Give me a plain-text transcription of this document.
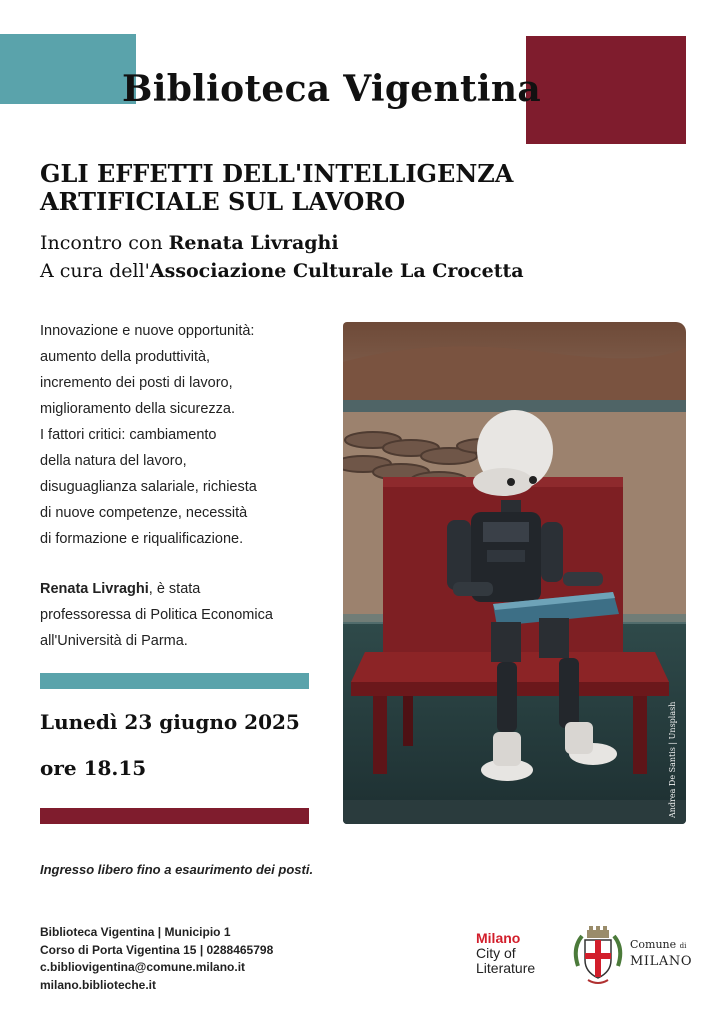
Biblioteca Vigentina
GLI EFFETTI DELL'INTELLIGENZA
ARTIFICIALE SUL LAVORO

Incontro con Renata Livraghi

A cura dell'Associazione Culturale La Crocetta

Innovazione e nuove opportunità:
aumento della produttività,
incremento dei posti di lavoro,
miglioramento della sicurezza.
I fattori critici: cambiamento
della natura del lavoro,
disuguaglianza salariale, richiesta
di nuove competenze, necessità
di formazione e riqualificazione.
Renata Livraghi, è stata
professoressa di Politica Economica
all'Università di Parma.

Lunedì 23 giugno 2025

ore 18.15	Andrea De Santis | Unsplash

Ingresso libero fino a esaurimento dei posti.

Biblioteca Vigentina | Municipio 1
Corso di Porta Vigentina 15 | 0288465798
c.bibliovigentina@comune.milano.it
milano.biblioteche.it
Milano
City of
Literature
Comune di
MILANO
